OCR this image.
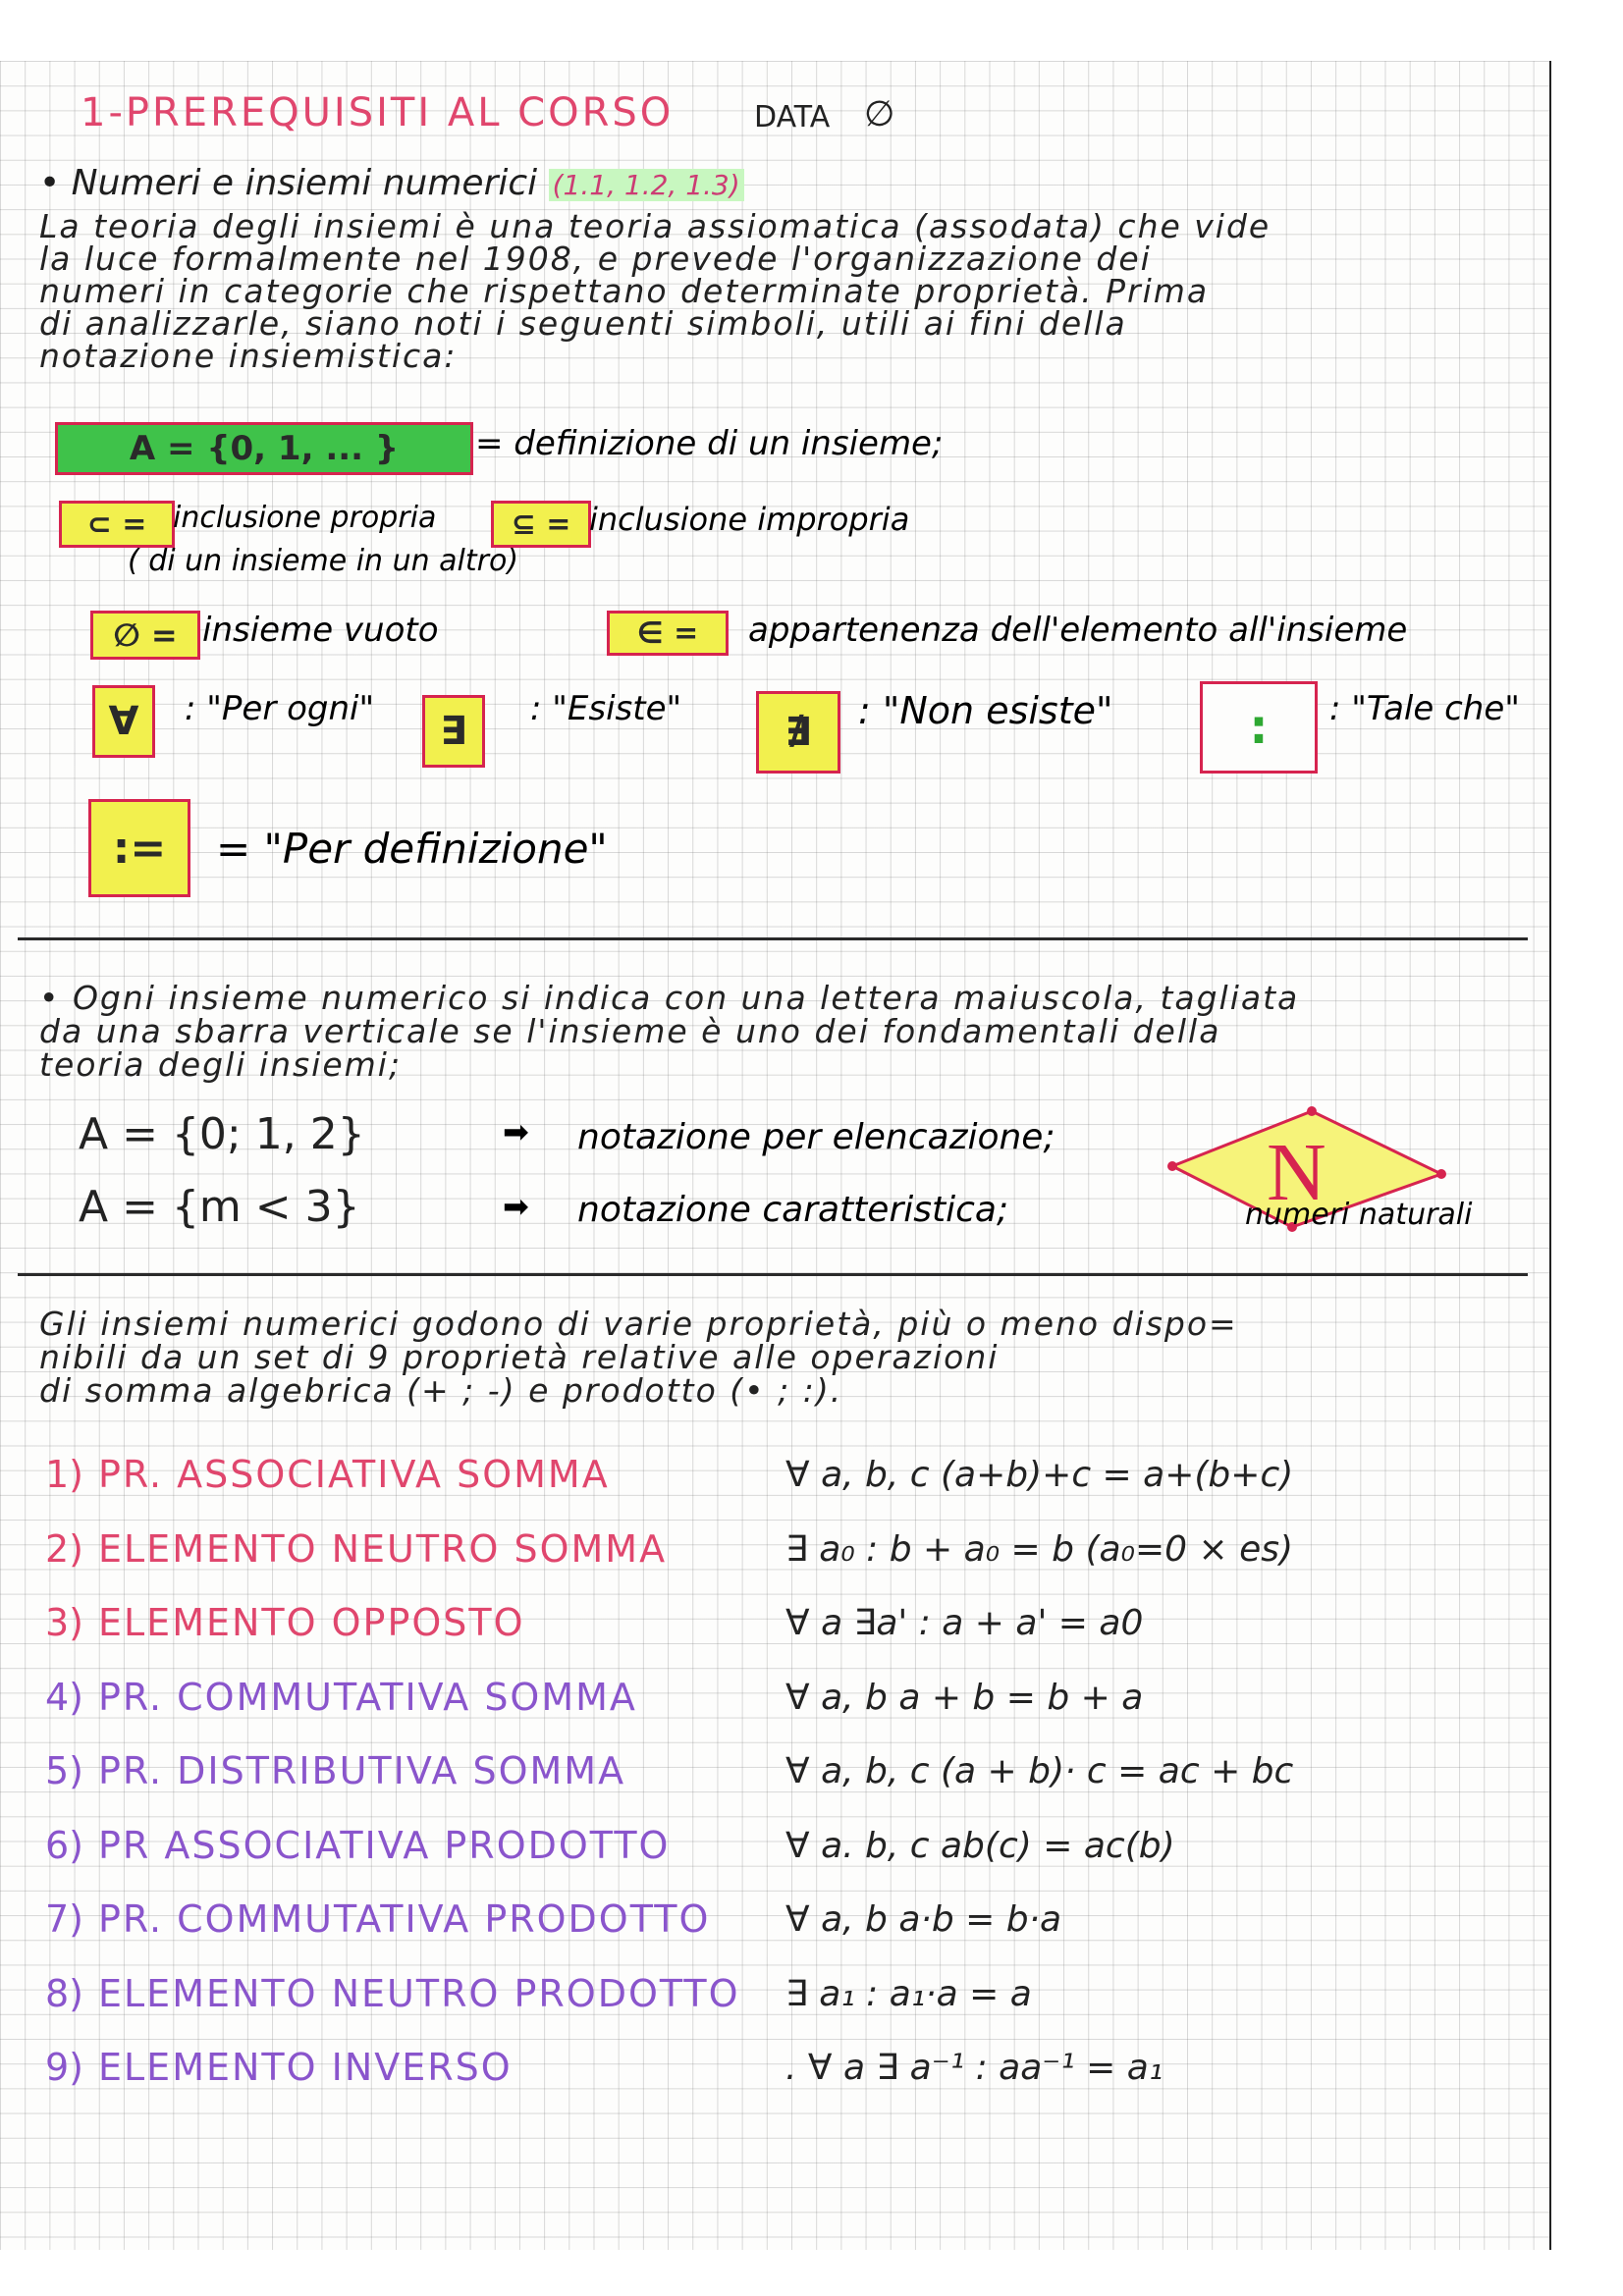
1-PREREQUISITI AL CORSO	DATA ∅
• Numeri e insiemi numerici (1.1, 1.2, 1.3)
La teoria degli insiemi è una teoria assiomatica (assodata) che vide
la luce formalmente nel 1908, e prevede l'organizzazione dei
numeri in categorie che rispettano determinate proprietà. Prima
di analizzarle, siano noti i seguenti simboli, utili ai fini della
notazione insiemistica:
A = {0, 1, ... } = definizione di un insieme;
⊂ = inclusione propria	⊆ = inclusione impropria
( di un insieme in un altro)
∅ = insieme vuoto	∈ = appartenenza dell'elemento all'insieme
∀ : "Per ogni" ∃ : "Esiste"
∄ : "Non esiste"	: : "Tale che"
:= = "Per definizione"
• Ogni insieme numerico si indica con una lettera maiuscola, tagliata
da una sbarra verticale se l'insieme è uno dei fondamentali della
teoria degli insiemi;
A = {0; 1, 2}	➡ notazione per elencazione;
A = {m < 3}	➡ notazione caratteristica;	N
numeri naturali
Gli insiemi numerici godono di varie proprietà, più o meno dispo=
nibili da un set di 9 proprietà relative alle operazioni
di somma algebrica (+ ; -) e prodotto (• ; :).
1) PR. ASSOCIATIVA SOMMA	∀ a, b, c (a+b)+c = a+(b+c)
2) ELEMENTO NEUTRO SOMMA	∃ a₀ : b + a₀ = b (a₀=0 × es)
3) ELEMENTO OPPOSTO	∀ a ∃a' : a + a' = a0
4) PR. COMMUTATIVA SOMMA	∀ a, b a + b = b + a
5) PR. DISTRIBUTIVA SOMMA	∀ a, b, c (a + b)· c = ac + bc
6) PR ASSOCIATIVA PRODOTTO	∀ a. b, c ab(c) = ac(b)
7) PR. COMMUTATIVA PRODOTTO ∀ a, b a·b = b·a
8) ELEMENTO NEUTRO PRODOTTO ∃ a₁ : a₁·a = a
9) ELEMENTO INVERSO	. ∀ a ∃ a⁻¹ : aa⁻¹ = a₁
